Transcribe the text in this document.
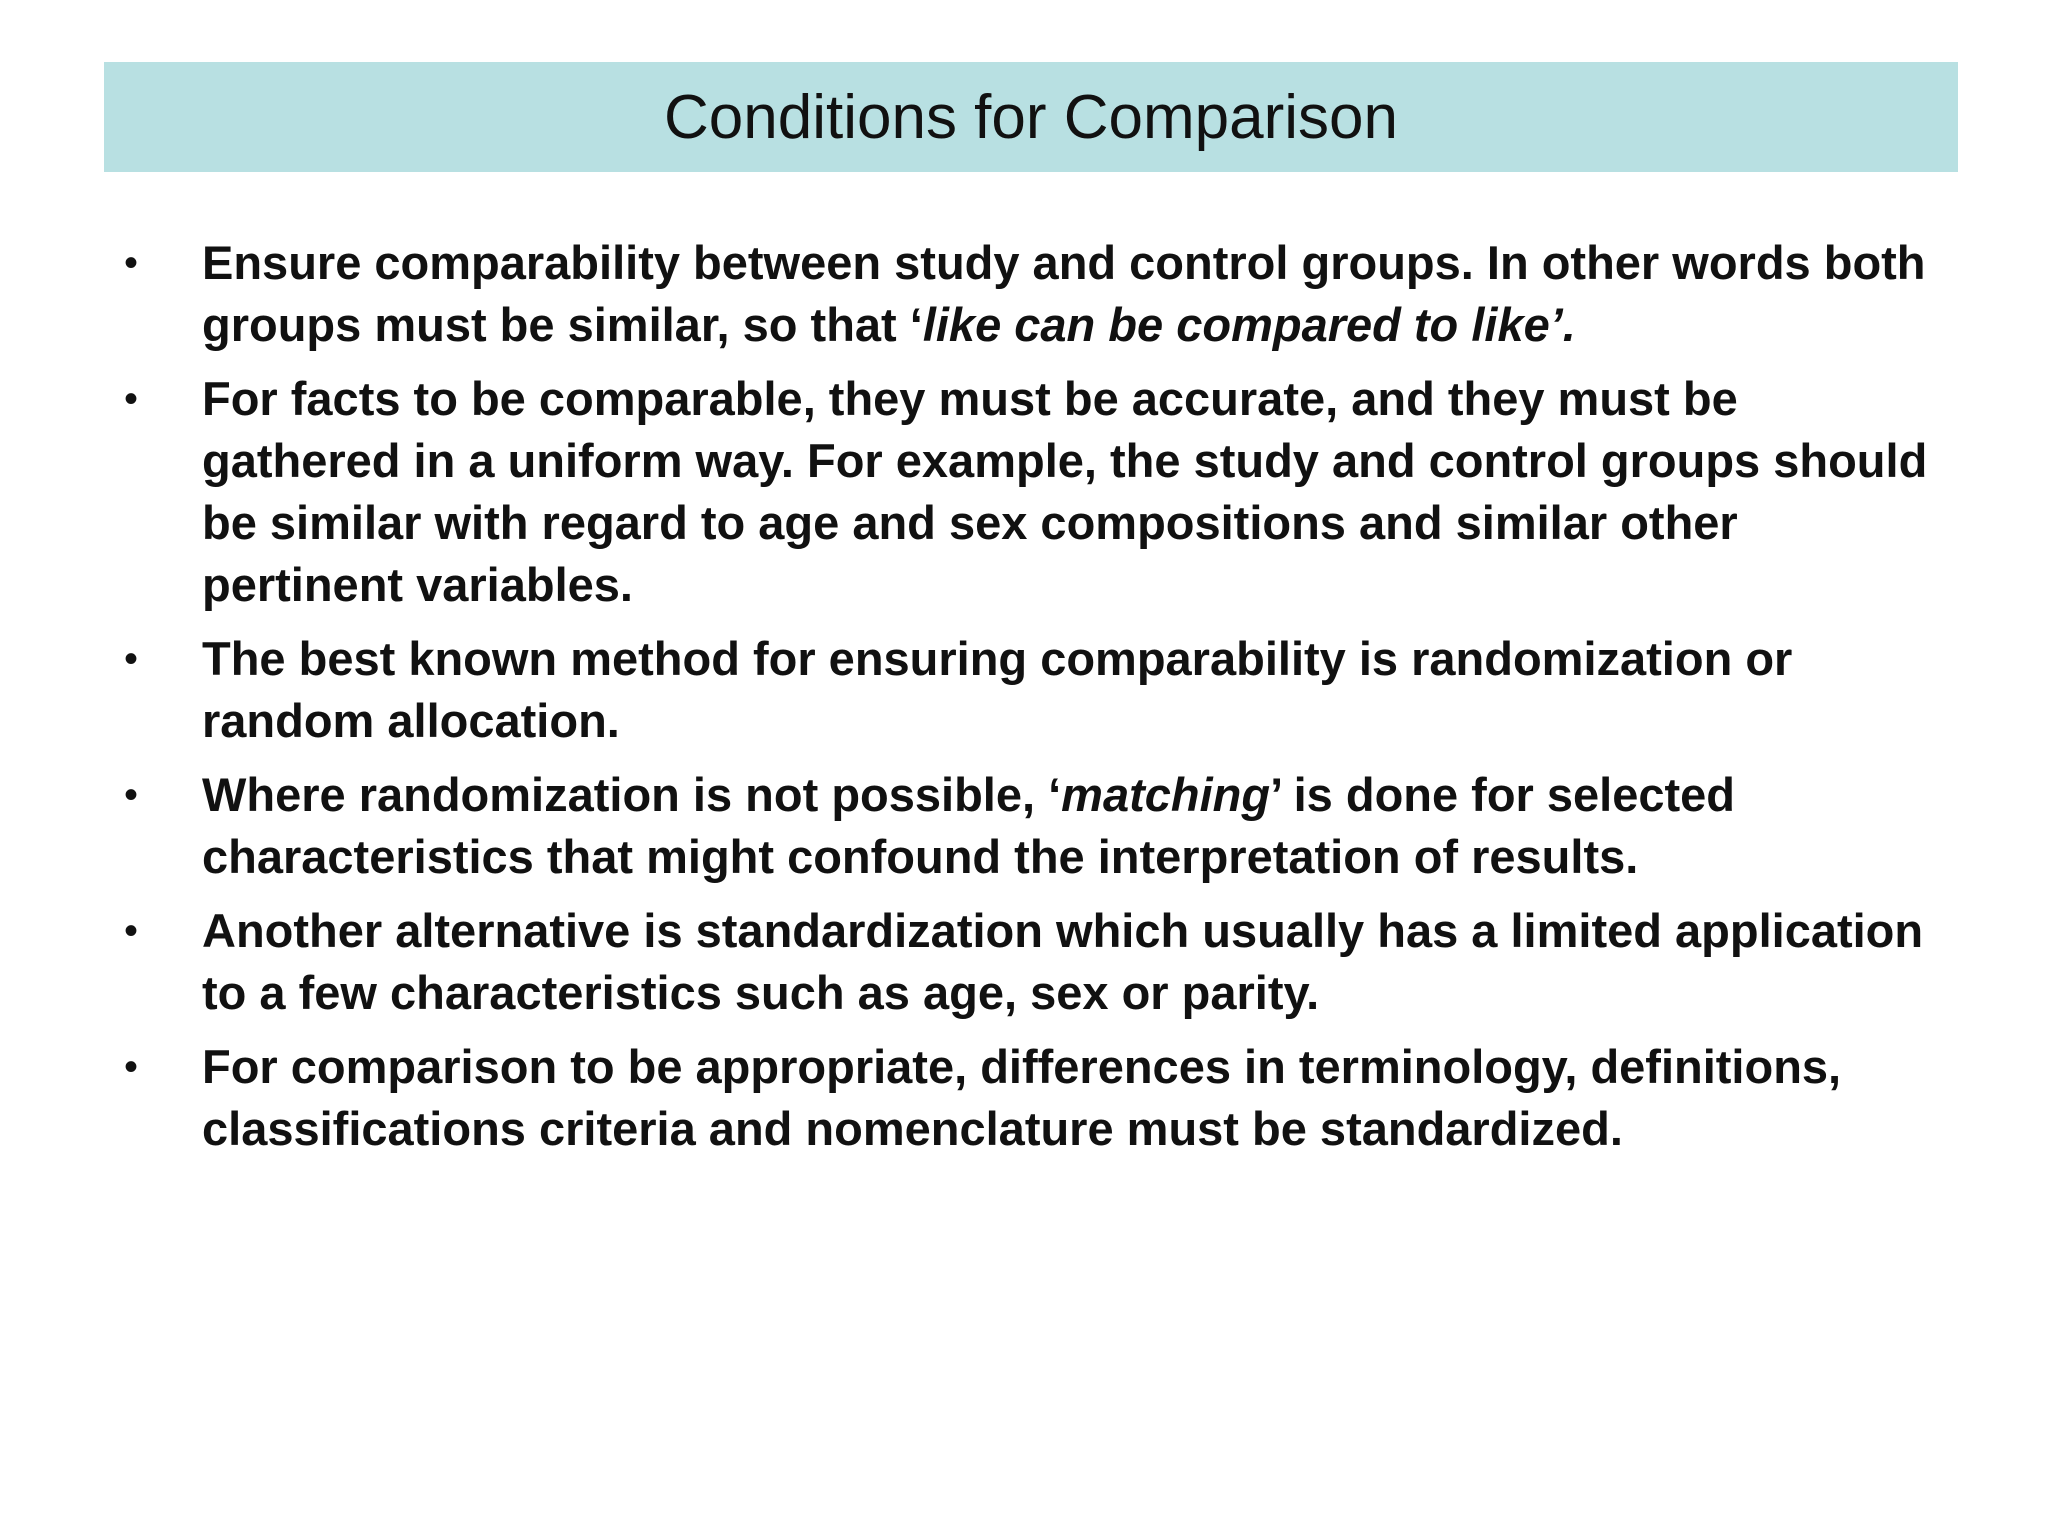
Conditions for Comparison
• Ensure comparability between study and control groups. In other words both groups must be similar, so that ‘like can be compared to like’.
• For facts to be comparable, they must be accurate, and they must be gathered in a uniform way. For example, the study and control groups should be similar with regard to age and sex compositions and similar other pertinent variables.
• The best known method for ensuring comparability is randomization or random allocation.
• Where randomization is not possible, ‘matching’ is done for selected characteristics that might confound the interpretation of results.
• Another alternative is standardization which usually has a limited application to a few characteristics such as age, sex or parity.
• For comparison to be appropriate, differences in terminology, definitions, classifications criteria and nomenclature must be standardized.
